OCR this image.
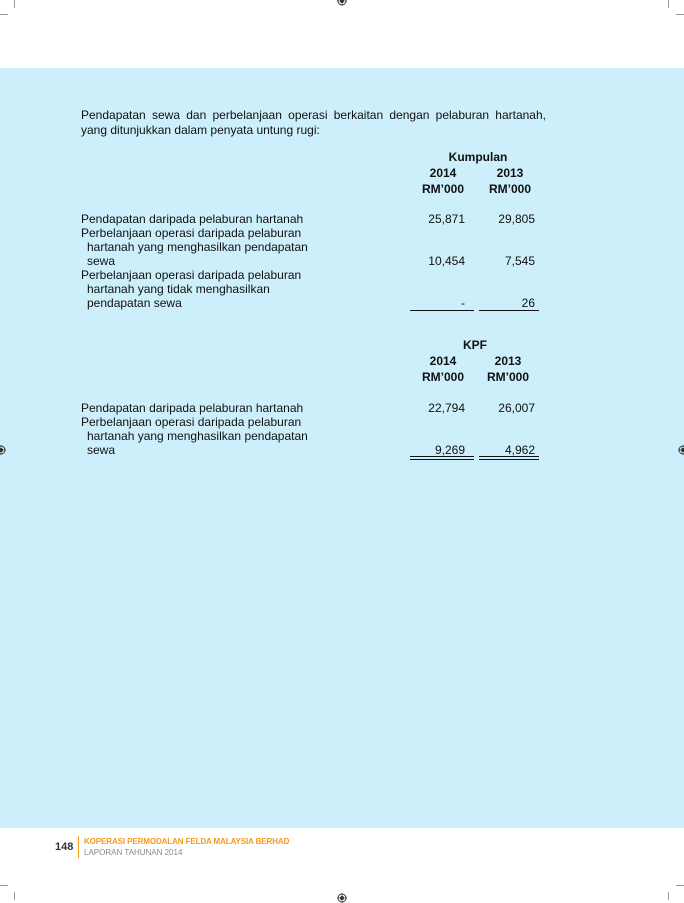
Pendapatan sewa dan perbelanjaan operasi berkaitan dengan pelaburan hartanah,
yang ditunjukkan dalam penyata untung rugi:
Kumpulan
2014	2013
RM’000	RM’000
Pendapatan daripada pelaburan hartanah	25,871	29,805
Perbelanjaan operasi daripada pelaburan
hartanah yang menghasilkan pendapatan
sewa	10,454	7,545
Perbelanjaan operasi daripada pelaburan
hartanah yang tidak menghasilkan
pendapatan sewa	-	26
KPF
2014	2013
RM’000	RM’000
Pendapatan daripada pelaburan hartanah	22,794	26,007
Perbelanjaan operasi daripada pelaburan
hartanah yang menghasilkan pendapatan
sewa	9,269	4,962
148 KOPERASI PERMODALAN FELDA MALAYSIA BERHAD
LAPORAN TAHUNAN 2014
